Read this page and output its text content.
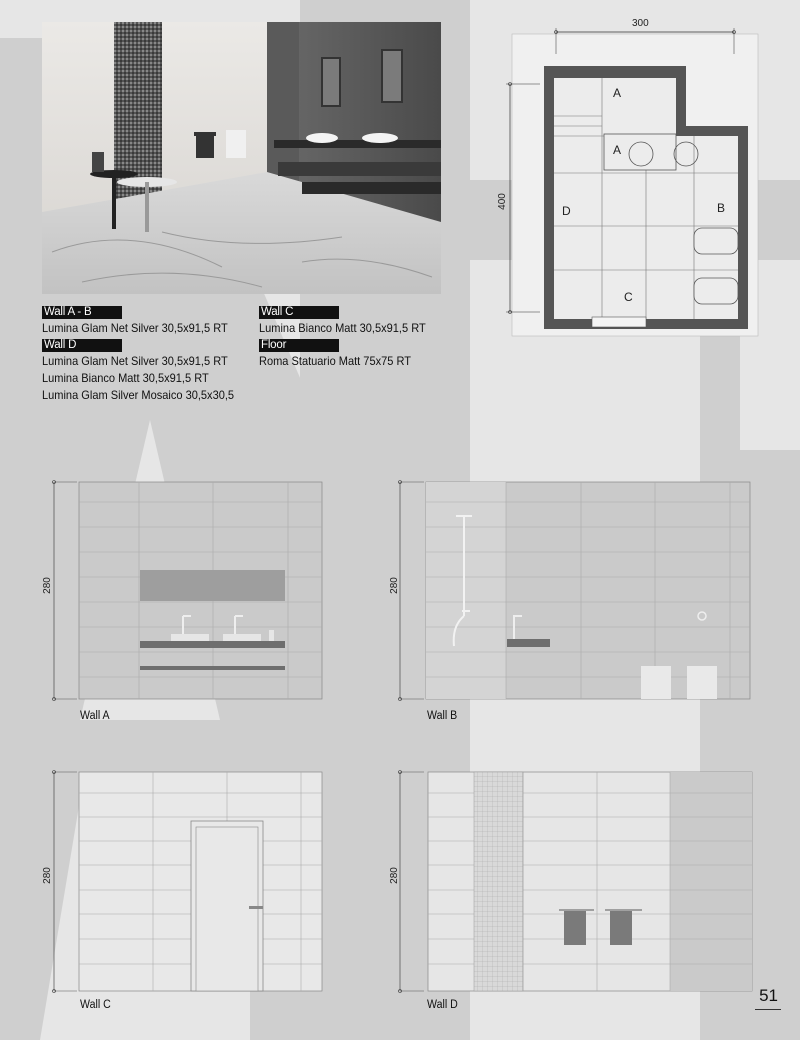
Wall A - B
Lumina Glam Net Silver 30,5x91,5 RT
Wall D
Lumina Glam Net Silver 30,5x91,5 RT
Lumina Bianco Matt 30,5x91,5 RT
Lumina Glam Silver Mosaico 30,5x30,5
Wall C
Lumina Bianco Matt 30,5x91,5 RT
Floor
Roma Statuario Matt 75x75 RT
300
400
A
A
B
C
D
280
Wall A
280
Wall B
280
Wall C
280
Wall D	51
